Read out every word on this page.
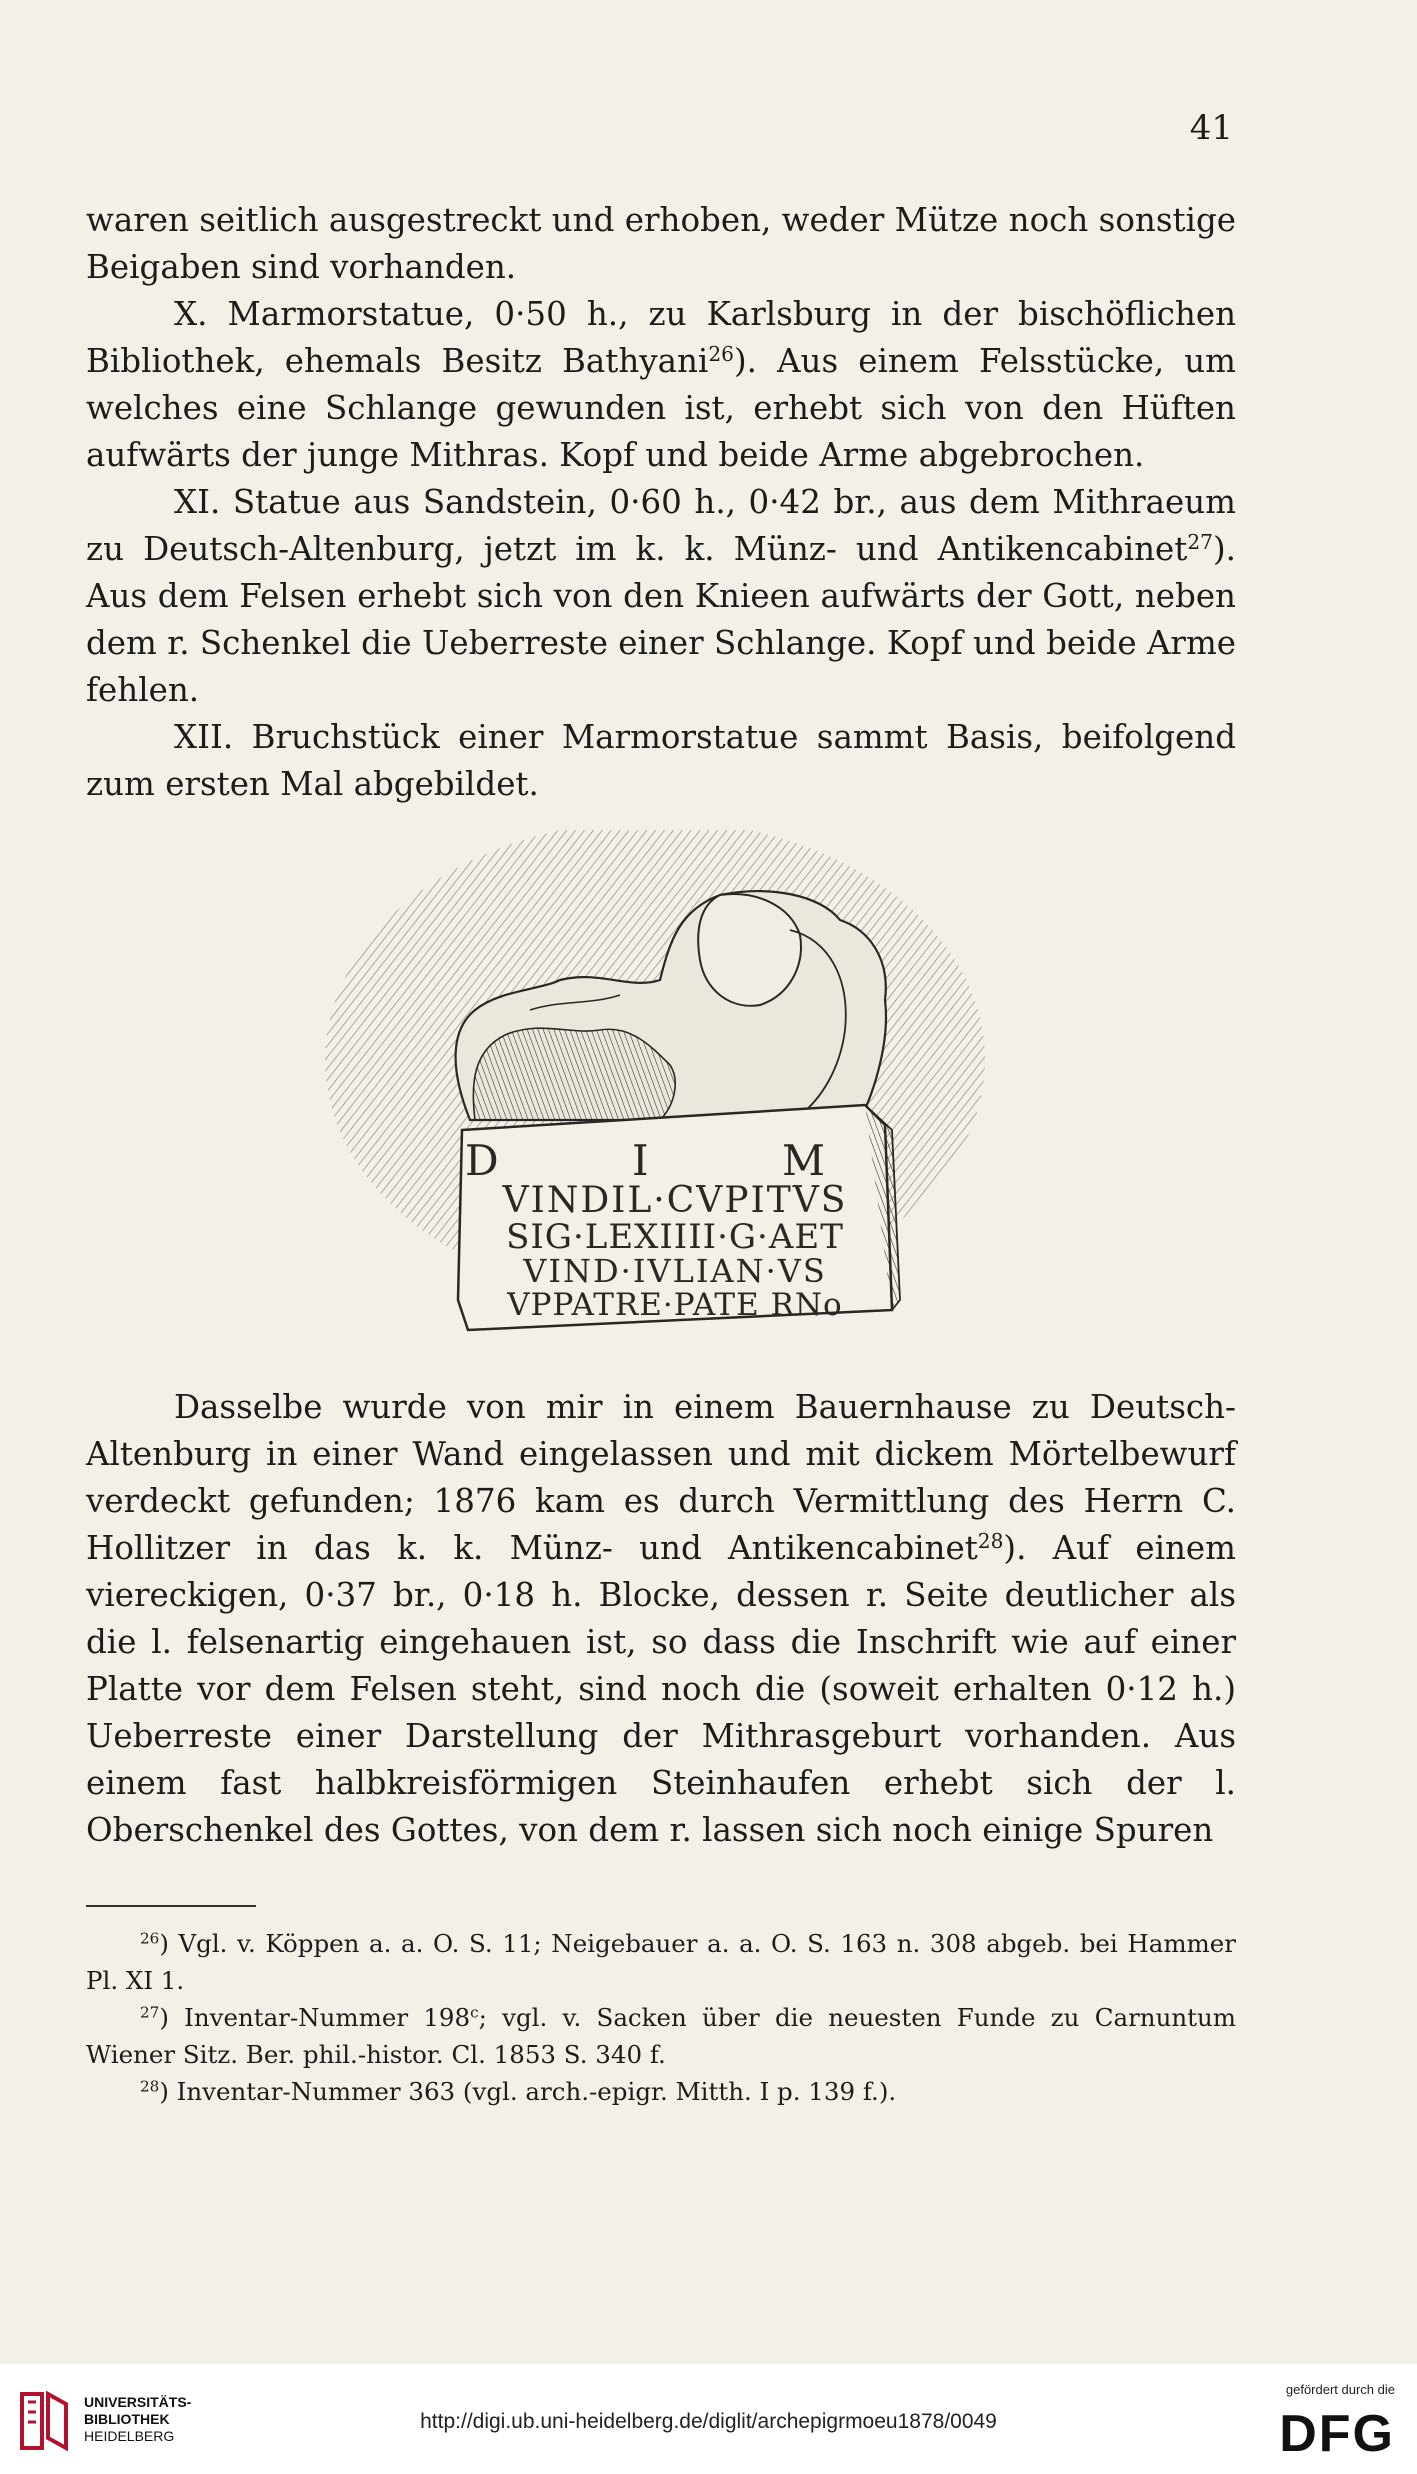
41

waren seitlich ausgestreckt und erhoben, weder Mütze noch sonstige Beigaben sind vorhanden.

X. Marmorstatue, 0·50 h., zu Karlsburg in der bischöflichen Bibliothek, ehemals Besitz Bathyani$^{26}$). Aus einem Felsstücke, um welches eine Schlange gewunden ist, erhebt sich von den Hüften aufwärts der junge Mithras. Kopf und beide Arme abgebrochen.

XI. Statue aus Sandstein, 0·60 h., 0·42 br., aus dem Mithraeum zu Deutsch-Altenburg, jetzt im k. k. Münz- und Antikencabinet$^{27}$). Aus dem Felsen erhebt sich von den Knieen aufwärts der Gott, neben dem r. Schenkel die Ueberreste einer Schlange. Kopf und beide Arme fehlen.

XII. Bruchstück einer Marmorstatue sammt Basis, beifolgend zum ersten Mal abgebildet.

D I M
VINDIL·CVPITVS
SIG·LEXIIII·G·AET
VIND·IVLIAN·VS
VPPATRE·PATE RNo

Dasselbe wurde von mir in einem Bauernhause zu Deutsch-Altenburg in einer Wand eingelassen und mit dickem Mörtelbewurf verdeckt gefunden; 1876 kam es durch Vermittlung des Herrn C. Hollitzer in das k. k. Münz- und Antikencabinet$^{28}$). Auf einem viereckigen, 0·37 br., 0·18 h. Blocke, dessen r. Seite deutlicher als die l. felsenartig eingehauen ist, so dass die Inschrift wie auf einer Platte vor dem Felsen steht, sind noch die (soweit erhalten 0·12 h.) Ueberreste einer Darstellung der Mithrasgeburt vorhanden. Aus einem fast halbkreisförmigen Steinhaufen erhebt sich der l. Oberschenkel des Gottes, von dem r. lassen sich noch einige Spuren

$^{26}$) Vgl. v. Köppen a. a. O. S. 11; Neigebauer a. a. O. S. 163 n. 308 abgeb. bei Hammer Pl. XI 1.

$^{27}$) Inventar-Nummer 198$^c$; vgl. v. Sacken über die neuesten Funde zu Carnuntum Wiener Sitz. Ber. phil.-histor. Cl. 1853 S. 340 f.

$^{28}$) Inventar-Nummer 363 (vgl. arch.-epigr. Mitth. I p. 139 f.).

UNIVERSITÄTS-
BIBLIOTHEK
HEIDELBERG
http://digi.ub.uni-heidelberg.de/diglit/archepigrmoeu1878/0049
gefördert durch die
DFG
